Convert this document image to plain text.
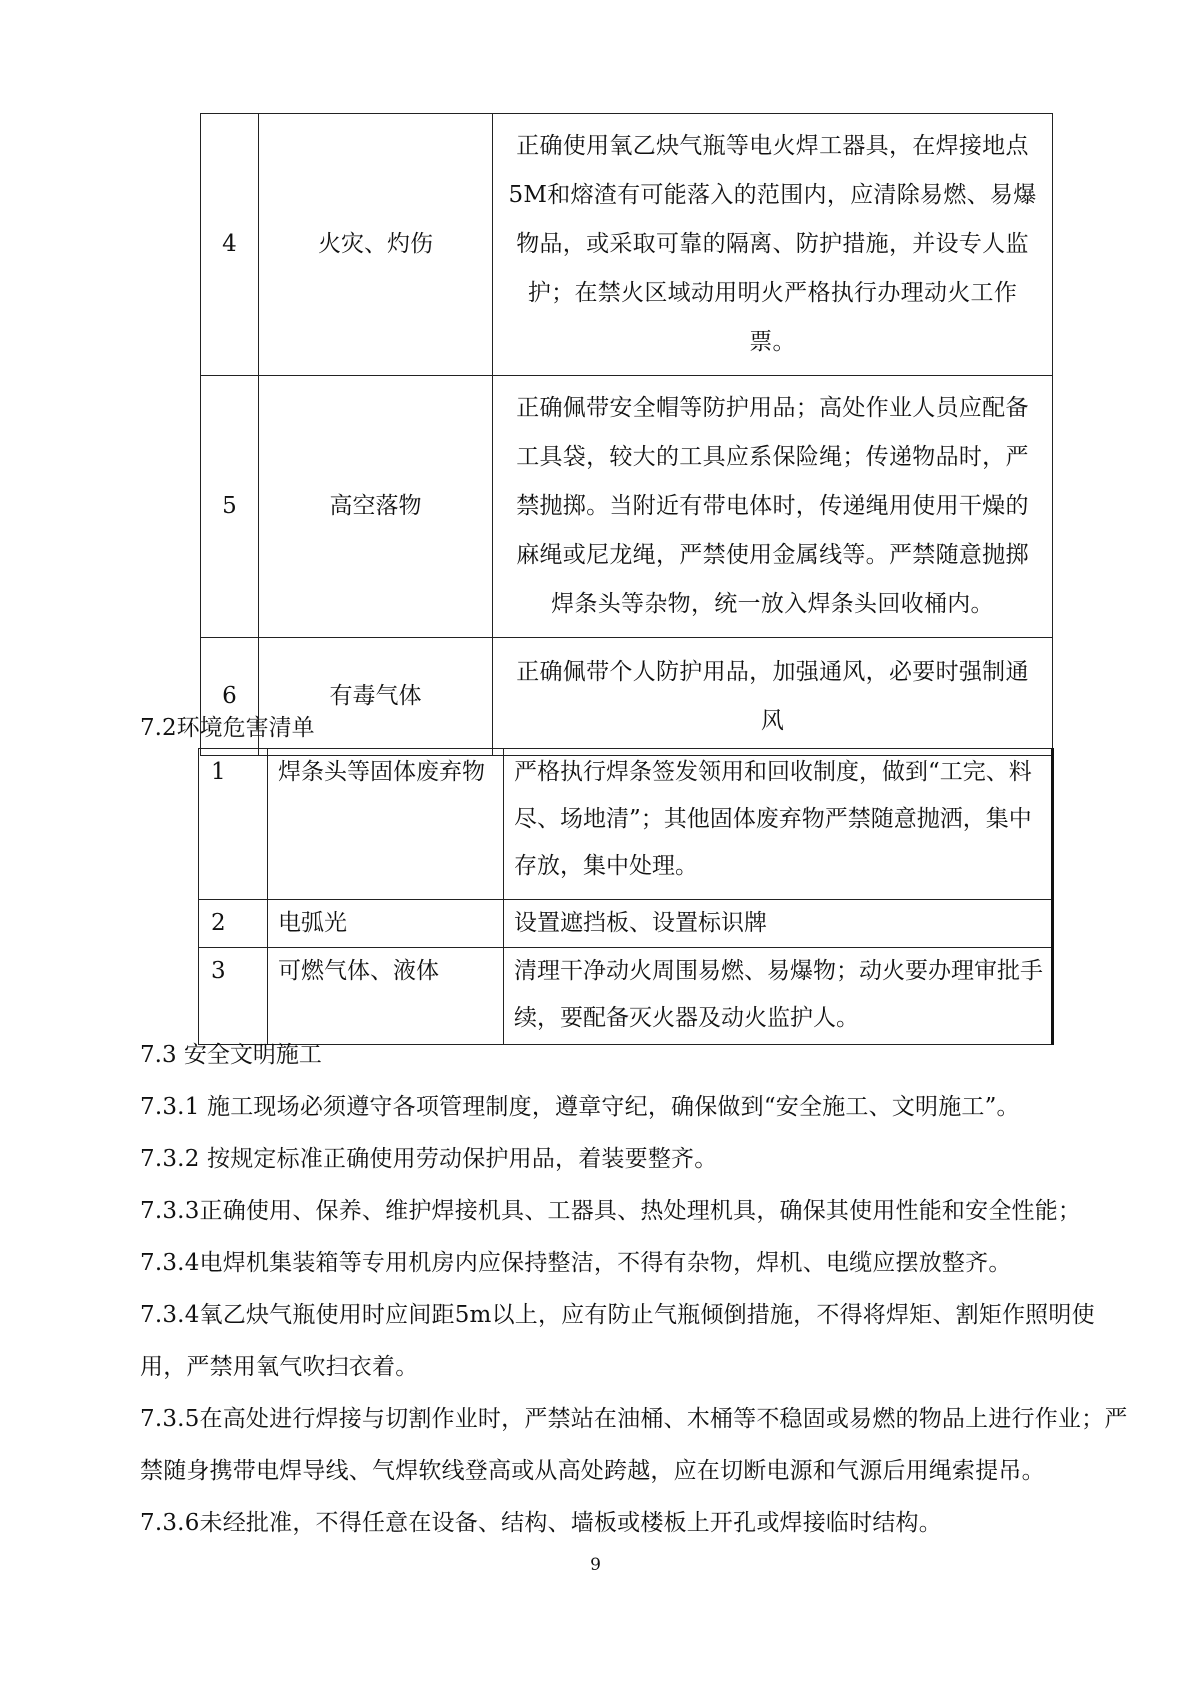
4	火灾、灼伤	正确使用氧乙炔气瓶等电火焊工器具，在焊接地点5M和熔渣有可能落入的范围内，应清除易燃、易爆物品，或采取可靠的隔离、防护措施，并设专人监护；在禁火区域动用明火严格执行办理动火工作票。
5	高空落物	正确佩带安全帽等防护用品；高处作业人员应配备工具袋，较大的工具应系保险绳；传递物品时，严禁抛掷。当附近有带电体时，传递绳用使用干燥的麻绳或尼龙绳，严禁使用金属线等。严禁随意抛掷焊条头等杂物，统一放入焊条头回收桶内。
6	有毒气体	正确佩带个人防护用品，加强通风，必要时强制通风
7.2环境危害清单
1	焊条头等固体废弃物	严格执行焊条签发领用和回收制度，做到“工完、料尽、场地清”；其他固体废弃物严禁随意抛洒，集中存放，集中处理。
2	电弧光	设置遮挡板、设置标识牌
3	可燃气体、液体	清理干净动火周围易燃、易爆物；动火要办理审批手续，要配备灭火器及动火监护人。
7.3 安全文明施工
7.3.1 施工现场必须遵守各项管理制度，遵章守纪，确保做到“安全施工、文明施工”。
7.3.2 按规定标准正确使用劳动保护用品，着装要整齐。
7.3.3正确使用、保养、维护焊接机具、工器具、热处理机具，确保其使用性能和安全性能；
7.3.4电焊机集装箱等专用机房内应保持整洁，不得有杂物，焊机、电缆应摆放整齐。
7.3.4氧乙炔气瓶使用时应间距5m以上，应有防止气瓶倾倒措施，不得将焊矩、割矩作照明使用，严禁用氧气吹扫衣着。
7.3.5在高处进行焊接与切割作业时，严禁站在油桶、木桶等不稳固或易燃的物品上进行作业；严禁随身携带电焊导线、气焊软线登高或从高处跨越，应在切断电源和气源后用绳索提吊。
7.3.6未经批准，不得任意在设备、结构、墙板或楼板上开孔或焊接临时结构。
9
